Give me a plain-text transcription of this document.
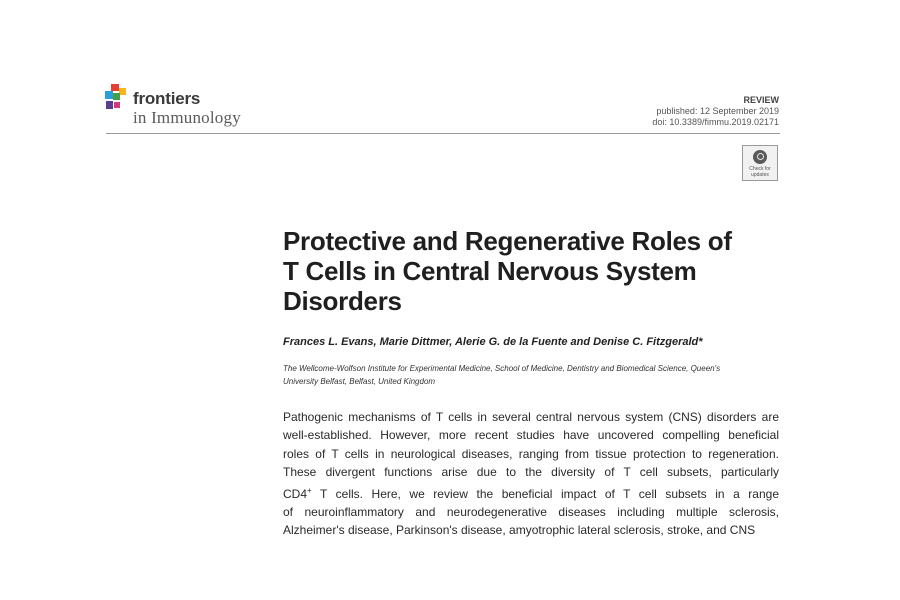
frontiers
in Immunology
REVIEW
published: 12 September 2019
doi: 10.3389/fimmu.2019.02171
Check for updates
Protective and Regenerative Roles of
T Cells in Central Nervous System
Disorders
Frances L. Evans, Marie Dittmer, Alerie G. de la Fuente and Denise C. Fitzgerald*
The Wellcome-Wolfson Institute for Experimental Medicine, School of Medicine, Dentistry and Biomedical Science, Queen's
University Belfast, Belfast, United Kingdom
Pathogenic mechanisms of T cells in several central nervous system (CNS) disorders are
well-established. However, more recent studies have uncovered compelling beneficial
roles of T cells in neurological diseases, ranging from tissue protection to regeneration.
These divergent functions arise due to the diversity of T cell subsets, particularly
CD4+ T cells. Here, we review the beneficial impact of T cell subsets in a range
of neuroinflammatory and neurodegenerative diseases including multiple sclerosis,
Alzheimer's disease, Parkinson's disease, amyotrophic lateral sclerosis, stroke, and CNS
